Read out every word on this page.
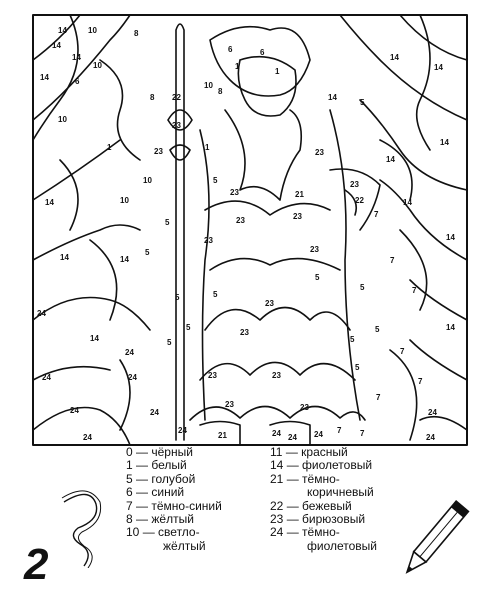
14	10	8
14
10
6
14
10
14
1
10
10
8
23
23
22
10
8
6
1
6
1
1
5
23
23
21
23
23
23
22
5
14
7
7
7
14
14
14
14
14
14
14
14	14
5
5
23
5
5
5
23
23
5
5
5
5
7
5
24
14
24
24
24
24
24
24
5
23
23	23
23	23
21	24 24 24 7 7
7
7
24
24
24
14
0 — чёрный
1 — белый
5 — голубой
6 — синий
7 — тёмно-синий
8 — жёлтый
10 — светло-
жёлтый
11 — красный
14 — фиолетовый
21 — тёмно-
коричневый
22 — бежевый
23 — бирюзовый
24 — тёмно-
фиолетовый
2
